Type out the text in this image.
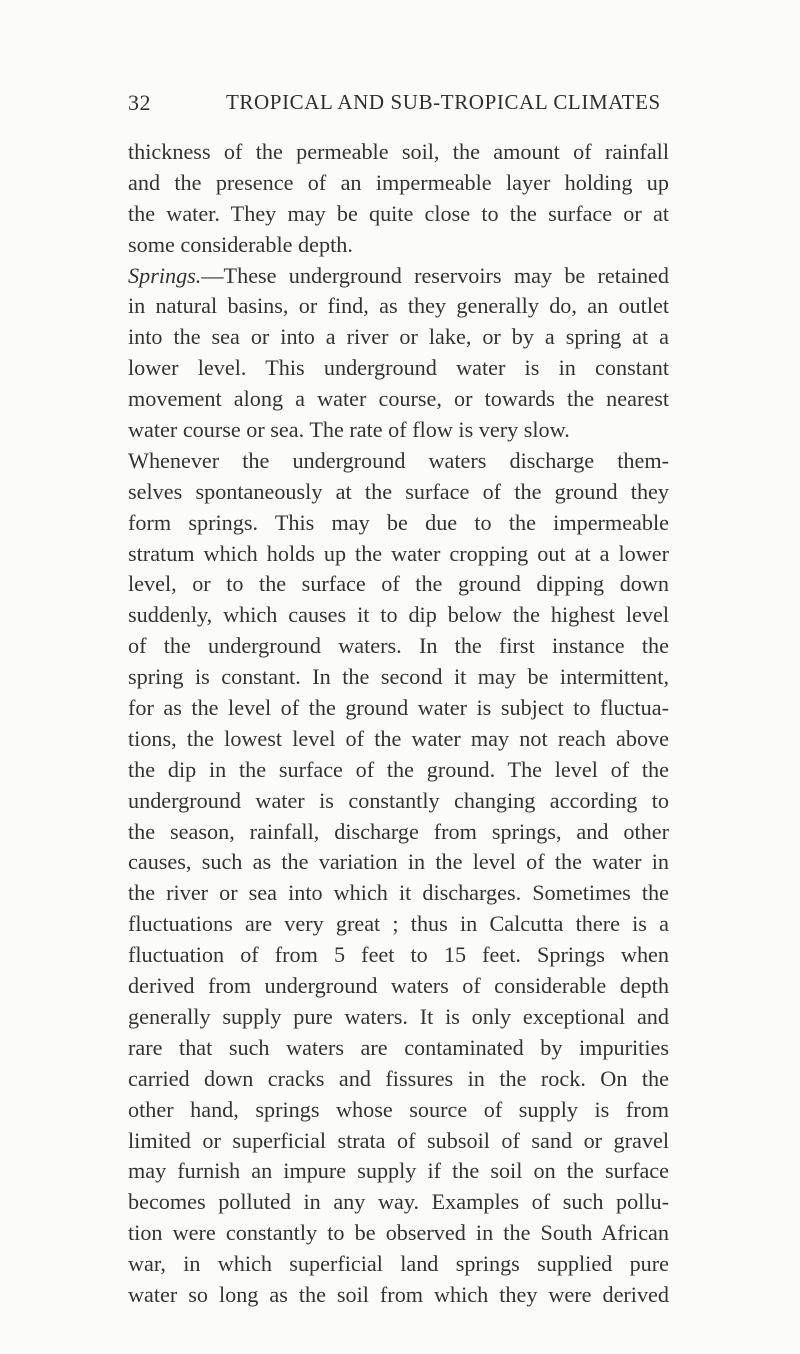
32	TROPICAL AND SUB-TROPICAL CLIMATES
thickness of the permeable soil, the amount of rainfall
and the presence of an impermeable layer holding up
the water. They may be quite close to the surface or at
some considerable depth.
Springs.—These underground reservoirs may be retained
in natural basins, or find, as they generally do, an outlet
into the sea or into a river or lake, or by a spring at a
lower level. This underground water is in constant
movement along a water course, or towards the nearest
water course or sea. The rate of flow is very slow.
Whenever the underground waters discharge them-
selves spontaneously at the surface of the ground they
form springs. This may be due to the impermeable
stratum which holds up the water cropping out at a lower
level, or to the surface of the ground dipping down
suddenly, which causes it to dip below the highest level
of the underground waters. In the first instance the
spring is constant. In the second it may be intermittent,
for as the level of the ground water is subject to fluctua-
tions, the lowest level of the water may not reach above
the dip in the surface of the ground. The level of the
underground water is constantly changing according to
the season, rainfall, discharge from springs, and other
causes, such as the variation in the level of the water in
the river or sea into which it discharges. Sometimes the
fluctuations are very great ; thus in Calcutta there is a
fluctuation of from 5 feet to 15 feet. Springs when
derived from underground waters of considerable depth
generally supply pure waters. It is only exceptional and
rare that such waters are contaminated by impurities
carried down cracks and fissures in the rock. On the
other hand, springs whose source of supply is from
limited or superficial strata of subsoil of sand or gravel
may furnish an impure supply if the soil on the surface
becomes polluted in any way. Examples of such pollu-
tion were constantly to be observed in the South African
war, in which superficial land springs supplied pure
water so long as the soil from which they were derived
